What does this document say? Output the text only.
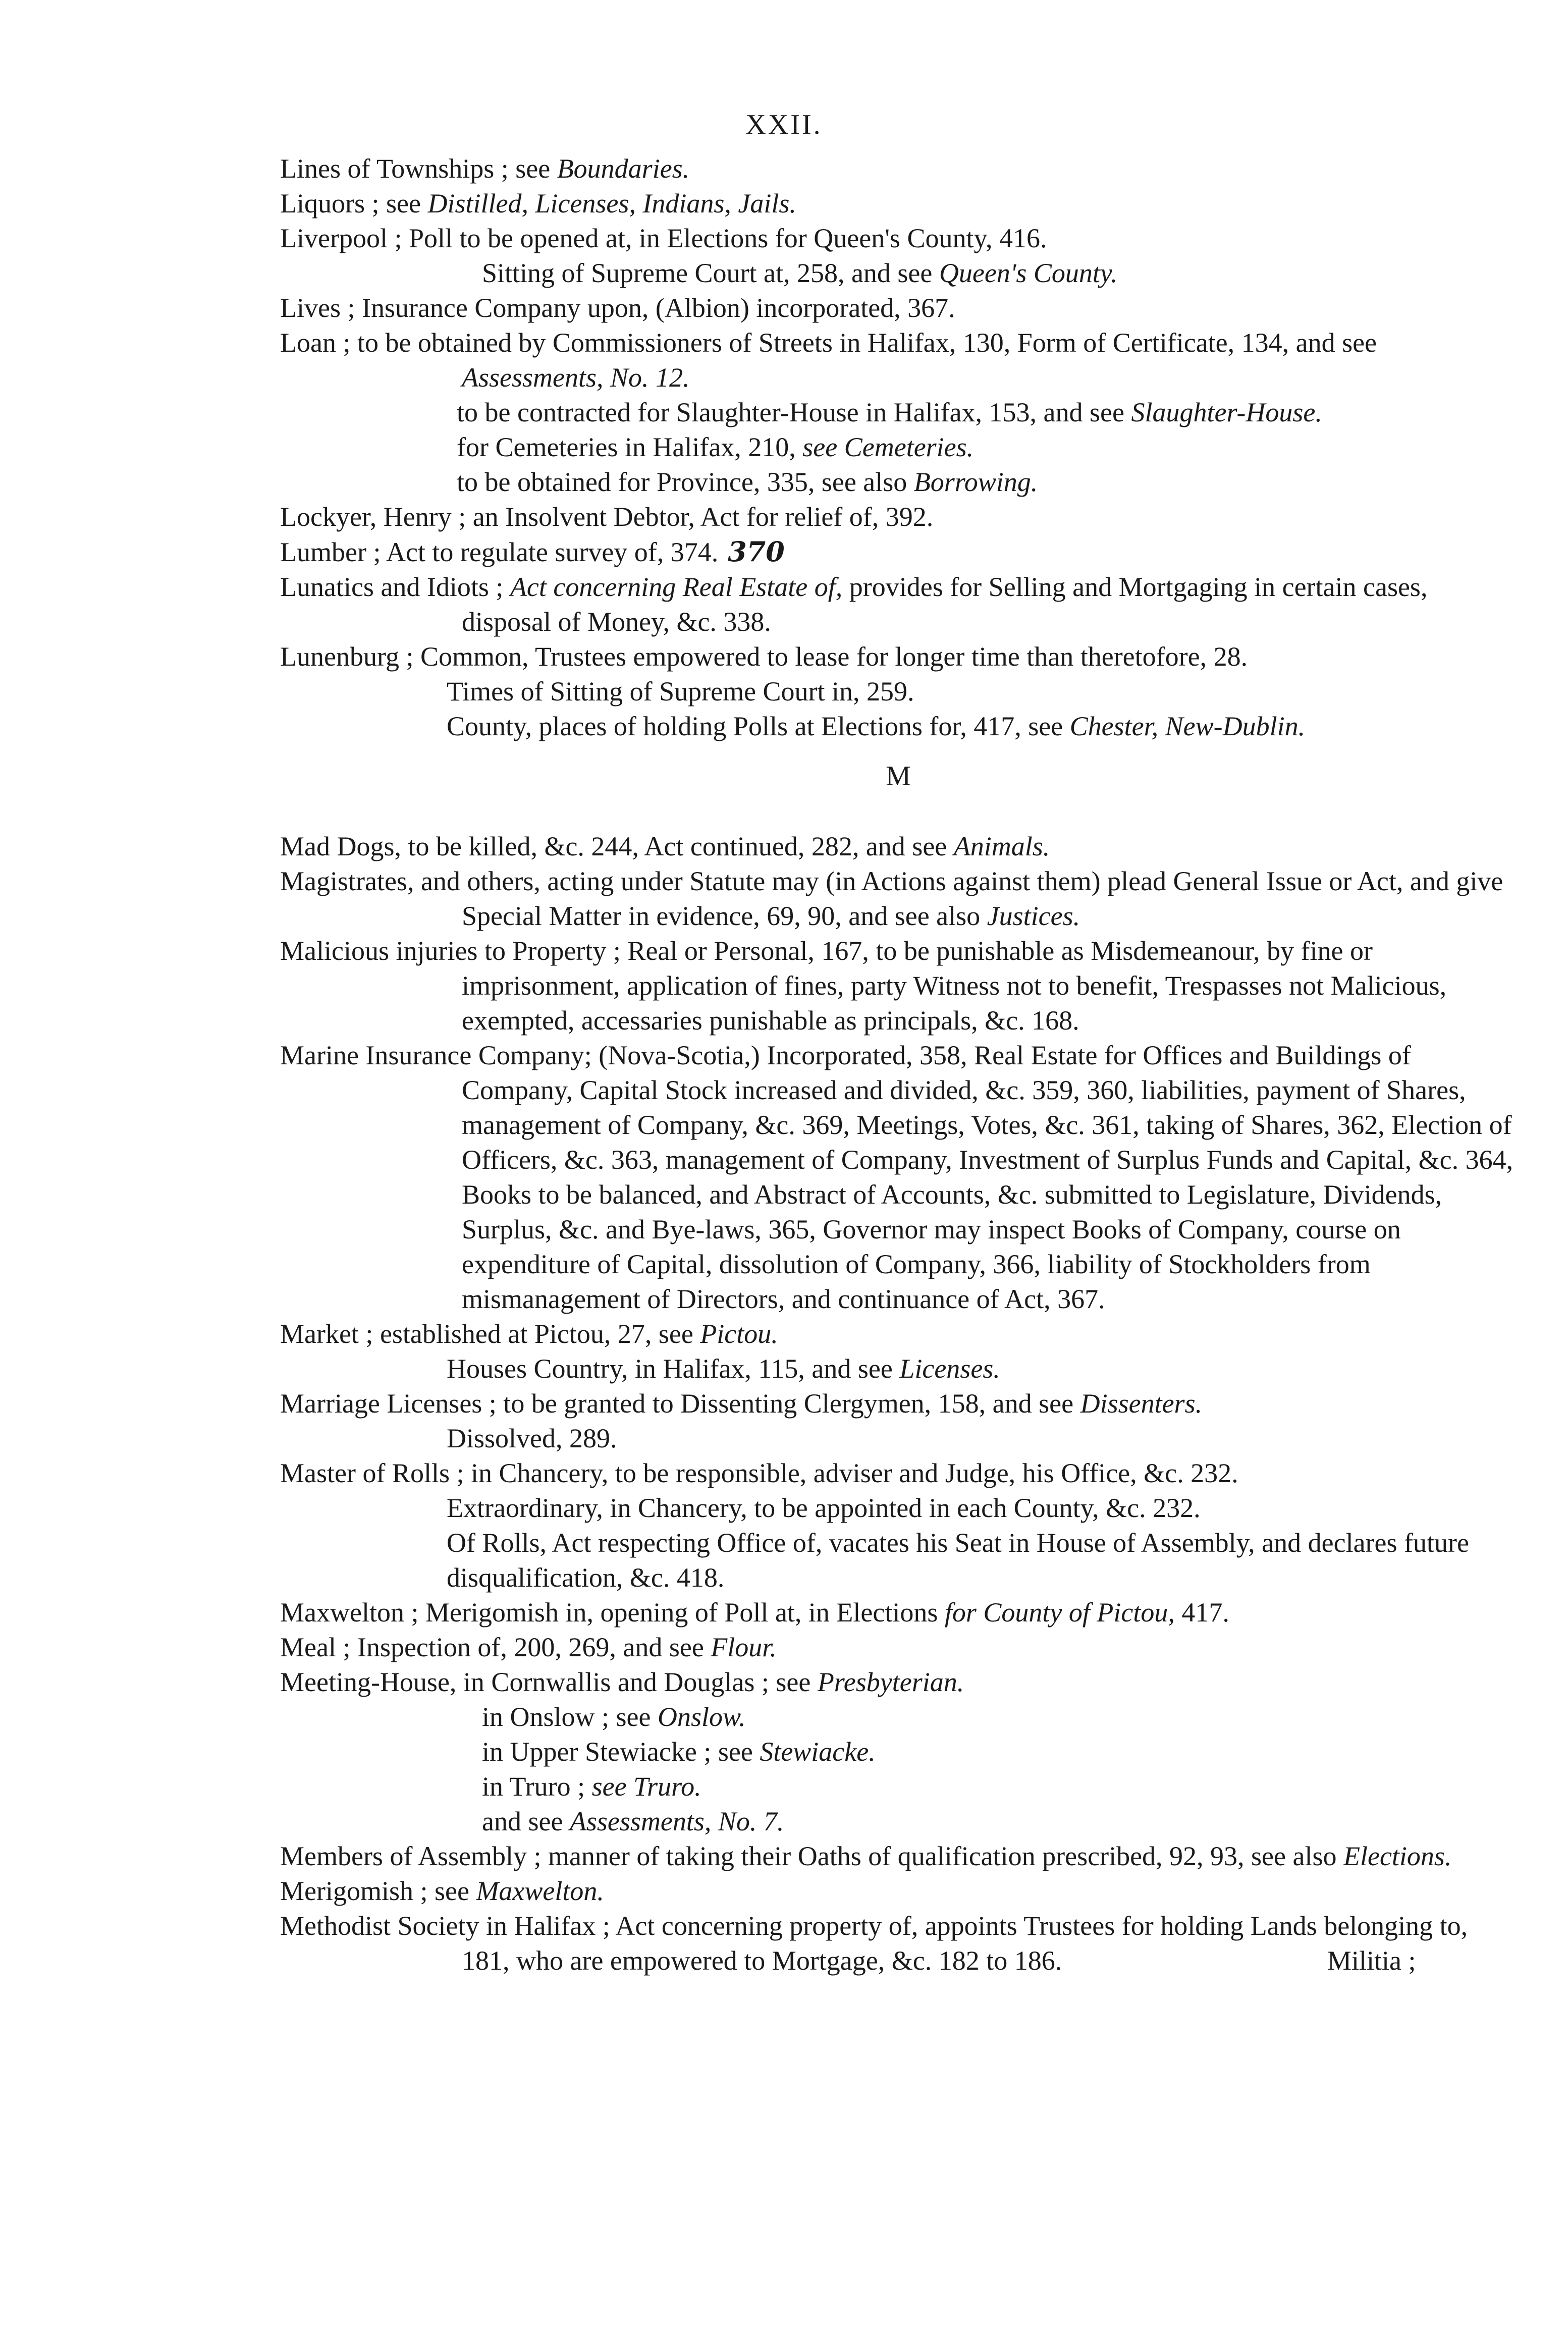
XXII.
Lines of Townships ; see Boundaries.
Liquors ; see Distilled, Licenses, Indians, Jails.
Liverpool ; Poll to be opened at, in Elections for Queen's County, 416.
Sitting of Supreme Court at, 258, and see Queen's County.
Lives ; Insurance Company upon, (Albion) incorporated, 367.
Loan ; to be obtained by Commissioners of Streets in Halifax, 130, Form of Certificate, 134, and see Assessments, No. 12.
to be contracted for Slaughter-House in Halifax, 153, and see Slaughter-House.
for Cemeteries in Halifax, 210, see Cemeteries.
to be obtained for Province, 335, see also Borrowing.
Lockyer, Henry ; an Insolvent Debtor, Act for relief of, 392.
Lumber ; Act to regulate survey of, 374. 370
Lunatics and Idiots ; Act concerning Real Estate of, provides for Selling and Mortgaging in certain cases, disposal of Money, &c. 338.
Lunenburg ; Common, Trustees empowered to lease for longer time than theretofore, 28.
Times of Sitting of Supreme Court in, 259.
County, places of holding Polls at Elections for, 417, see Chester, New-Dublin.
M
Mad Dogs, to be killed, &c. 244, Act continued, 282, and see Animals.
Magistrates, and others, acting under Statute may (in Actions against them) plead General Issue or Act, and give Special Matter in evidence, 69, 90, and see also Justices.
Malicious injuries to Property ; Real or Personal, 167, to be punishable as Misdemeanour, by fine or imprisonment, application of fines, party Witness not to benefit, Trespasses not Malicious, exempted, accessaries punishable as principals, &c. 168.
Marine Insurance Company; (Nova-Scotia,) Incorporated, 358, Real Estate for Offices and Buildings of Company, Capital Stock increased and divided, &c. 359, 360, liabilities, payment of Shares, management of Company, &c. 369, Meetings, Votes, &c. 361, taking of Shares, 362, Election of Officers, &c. 363, management of Company, Investment of Surplus Funds and Capital, &c. 364, Books to be balanced, and Abstract of Accounts, &c. submitted to Legislature, Dividends, Surplus, &c. and Bye-laws, 365, Governor may inspect Books of Company, course on expenditure of Capital, dissolution of Company, 366, liability of Stockholders from mismanagement of Directors, and continuance of Act, 367.
Market ; established at Pictou, 27, see Pictou.
Houses Country, in Halifax, 115, and see Licenses.
Marriage Licenses ; to be granted to Dissenting Clergymen, 158, and see Dissenters.
Dissolved, 289.
Master of Rolls ; in Chancery, to be responsible, adviser and Judge, his Office, &c. 232.
Extraordinary, in Chancery, to be appointed in each County, &c. 232.
Of Rolls, Act respecting Office of, vacates his Seat in House of Assembly, and declares future disqualification, &c. 418.
Maxwelton ; Merigomish in, opening of Poll at, in Elections for County of Pictou, 417.
Meal ; Inspection of, 200, 269, and see Flour.
Meeting-House, in Cornwallis and Douglas ; see Presbyterian.
in Onslow ; see Onslow.
in Upper Stewiacke ; see Stewiacke.
in Truro ; see Truro.
and see Assessments, No. 7.
Members of Assembly ; manner of taking their Oaths of qualification prescribed, 92, 93, see also Elections.
Merigomish ; see Maxwelton.
Methodist Society in Halifax ; Act concerning property of, appoints Trustees for holding Lands belonging to, 181, who are empowered to Mortgage, &c. 182 to 186.	Militia ;
